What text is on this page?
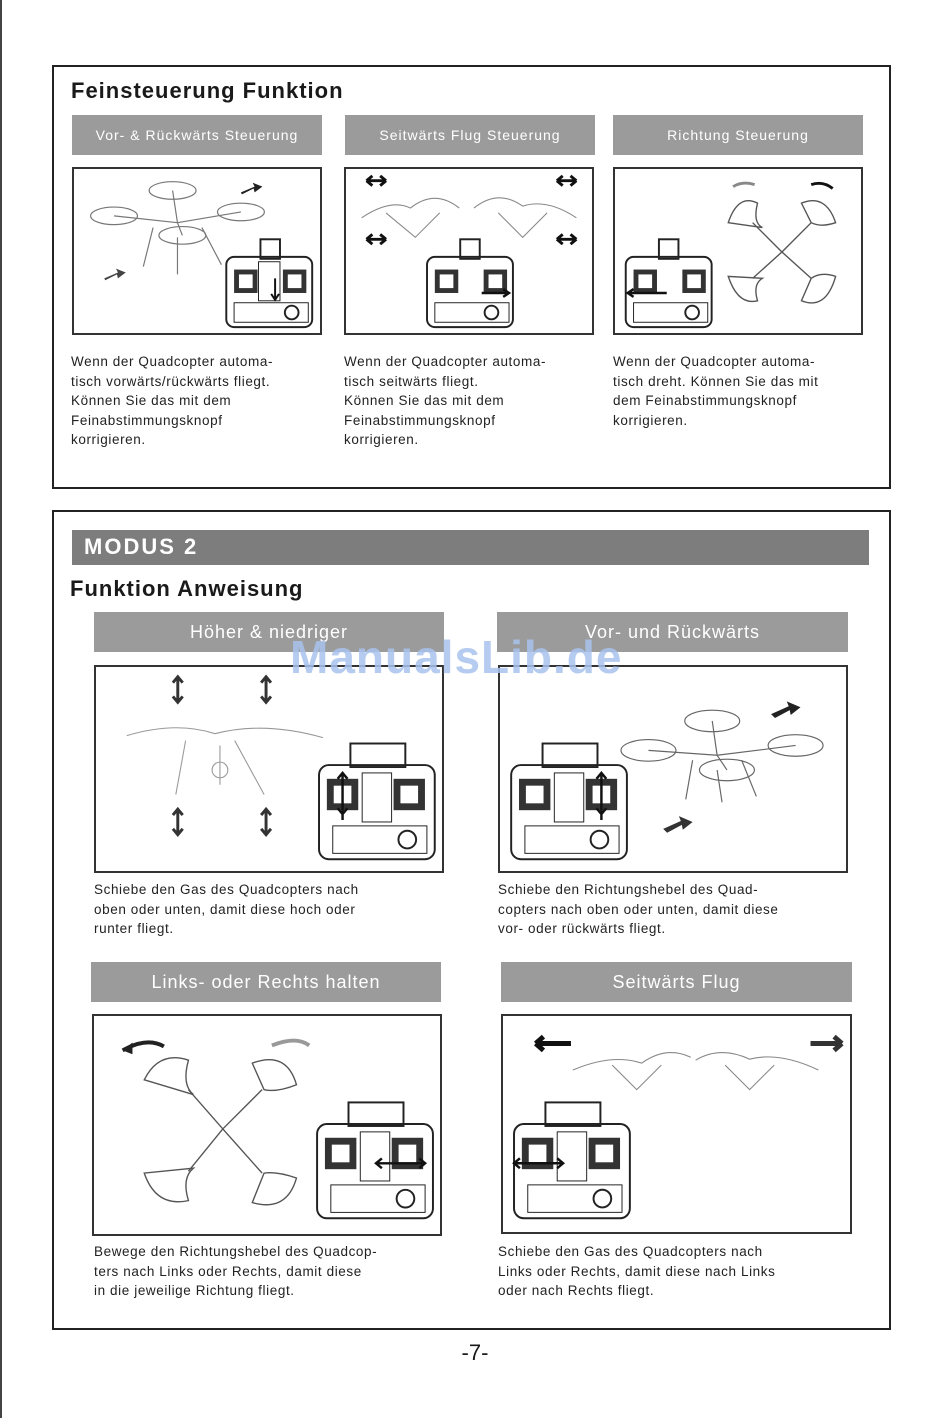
Feinsteuerung Funktion
Vor- & Rückwärts Steuerung
Wenn der Quadcopter automa-
tisch vorwärts/rückwärts fliegt.
Können Sie das mit dem
Feinabstimmungsknopf
korrigieren.
Seitwärts Flug Steuerung
Wenn der Quadcopter automa-
tisch seitwärts fliegt.
Können Sie das mit dem
Feinabstimmungsknopf
korrigieren.
Richtung Steuerung
Wenn der Quadcopter automa-
tisch dreht. Können Sie das mit
dem Feinabstimmungsknopf
korrigieren.
MODUS 2
Funktion Anweisung
Höher & niedriger
Schiebe den Gas des Quadcopters nach
oben oder unten, damit diese hoch oder
runter fliegt.
Vor- und Rückwärts
Schiebe den Richtungshebel des Quad-
copters nach oben oder unten, damit diese
vor- oder rückwärts fliegt.
Links- oder Rechts halten
Bewege den Richtungshebel des Quadcop-
ters nach Links oder Rechts, damit diese
in die jeweilige Richtung fliegt.
Seitwärts Flug
Schiebe den Gas des Quadcopters nach
Links oder Rechts, damit diese nach Links
oder nach Rechts fliegt.
ManualsLib.de
-7-
